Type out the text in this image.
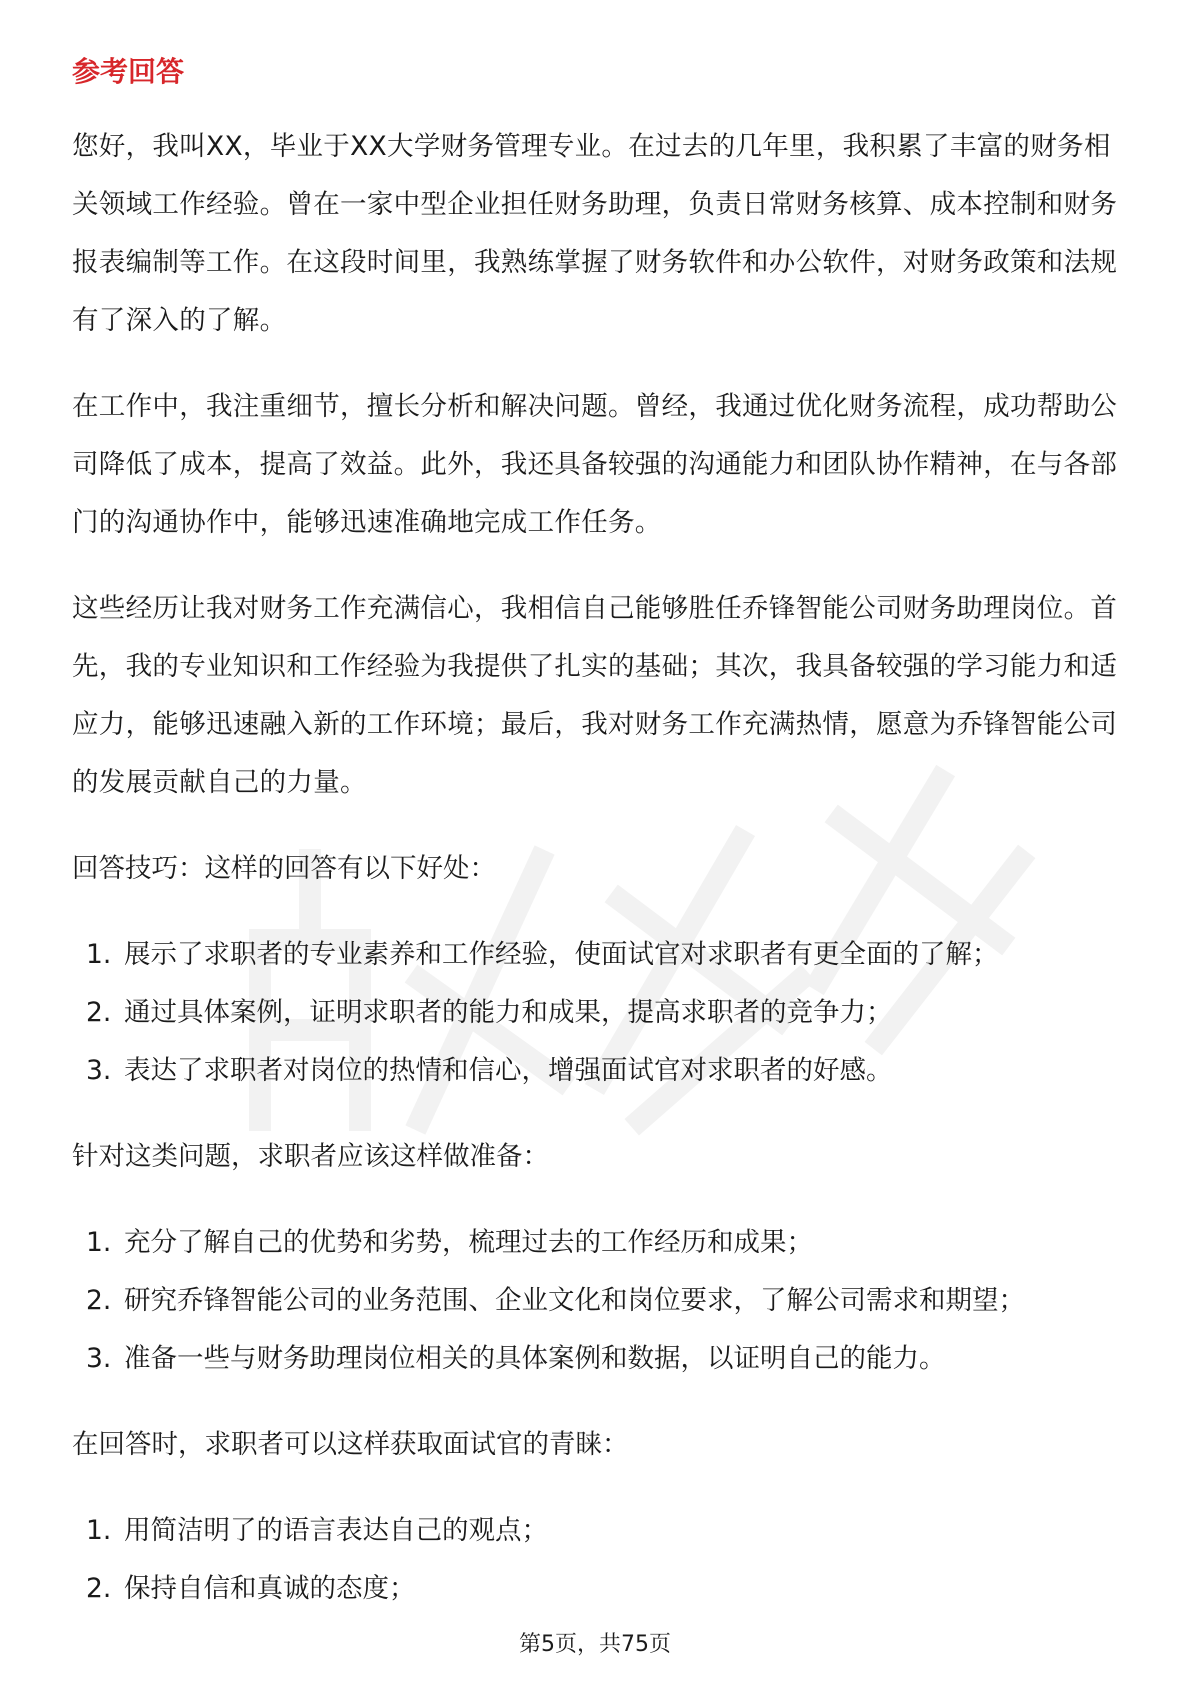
参考回答

您好，我叫XX，毕业于XX大学财务管理专业。在过去的几年里，我积累了丰富的财务相关领域工作经验。曾在一家中型企业担任财务助理，负责日常财务核算、成本控制和财务报表编制等工作。在这段时间里，我熟练掌握了财务软件和办公软件，对财务政策和法规有了深入的了解。

在工作中，我注重细节，擅长分析和解决问题。曾经，我通过优化财务流程，成功帮助公司降低了成本，提高了效益。此外，我还具备较强的沟通能力和团队协作精神，在与各部门的沟通协作中，能够迅速准确地完成工作任务。

这些经历让我对财务工作充满信心，我相信自己能够胜任乔锋智能公司财务助理岗位。首先，我的专业知识和工作经验为我提供了扎实的基础；其次，我具备较强的学习能力和适应力，能够迅速融入新的工作环境；最后，我对财务工作充满热情，愿意为乔锋智能公司的发展贡献自己的力量。

回答技巧：这样的回答有以下好处：

1. 展示了求职者的专业素养和工作经验，使面试官对求职者有更全面的了解；
2. 通过具体案例，证明求职者的能力和成果，提高求职者的竞争力；
3. 表达了求职者对岗位的热情和信心，增强面试官对求职者的好感。

针对这类问题，求职者应该这样做准备：

1. 充分了解自己的优势和劣势，梳理过去的工作经历和成果；
2. 研究乔锋智能公司的业务范围、企业文化和岗位要求，了解公司需求和期望；
3. 准备一些与财务助理岗位相关的具体案例和数据，以证明自己的能力。

在回答时，求职者可以这样获取面试官的青睐：

1. 用简洁明了的语言表达自己的观点；
2. 保持自信和真诚的态度；
第5页，共75页
